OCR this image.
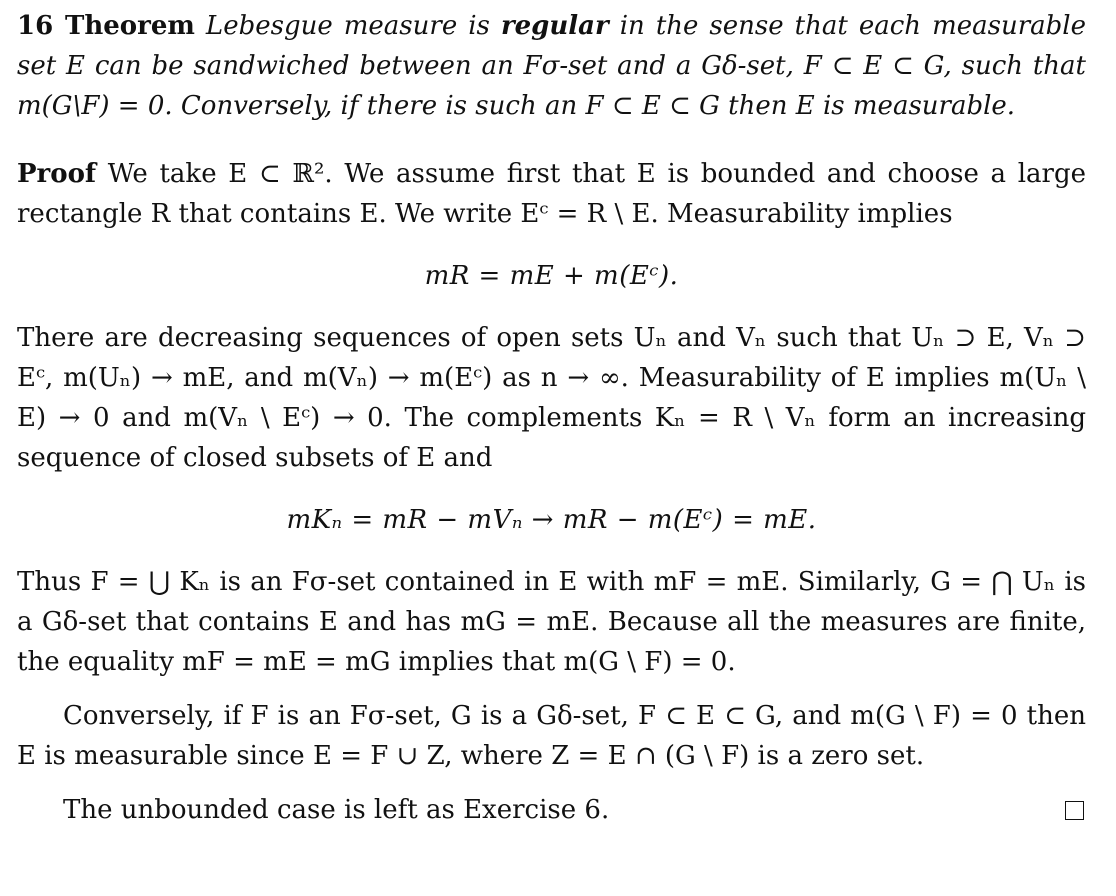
16 Theorem Lebesgue measure is regular in the sense that each measurable set E can be sandwiched between an Fσ-set and a Gδ-set, F ⊂ E ⊂ G, such that m(G\F) = 0. Conversely, if there is such an F ⊂ E ⊂ G then E is measurable.

Proof We take E ⊂ ℝ². We assume first that E is bounded and choose a large rectangle R that contains E. We write Eᶜ = R \ E. Measurability implies

mR = mE + m(Eᶜ).

There are decreasing sequences of open sets Uₙ and Vₙ such that Uₙ ⊃ E, Vₙ ⊃ Eᶜ, m(Uₙ) → mE, and m(Vₙ) → m(Eᶜ) as n → ∞. Measurability of E implies m(Uₙ \ E) → 0 and m(Vₙ \ Eᶜ) → 0. The complements Kₙ = R \ Vₙ form an increasing sequence of closed subsets of E and

mKₙ = mR − mVₙ → mR − m(Eᶜ) = mE.

Thus F = ⋃ Kₙ is an Fσ-set contained in E with mF = mE. Similarly, G = ⋂ Uₙ is a Gδ-set that contains E and has mG = mE. Because all the measures are finite, the equality mF = mE = mG implies that m(G \ F) = 0.

Conversely, if F is an Fσ-set, G is a Gδ-set, F ⊂ E ⊂ G, and m(G \ F) = 0 then E is measurable since E = F ∪ Z, where Z = E ∩ (G \ F) is a zero set.

The unbounded case is left as Exercise 6.
